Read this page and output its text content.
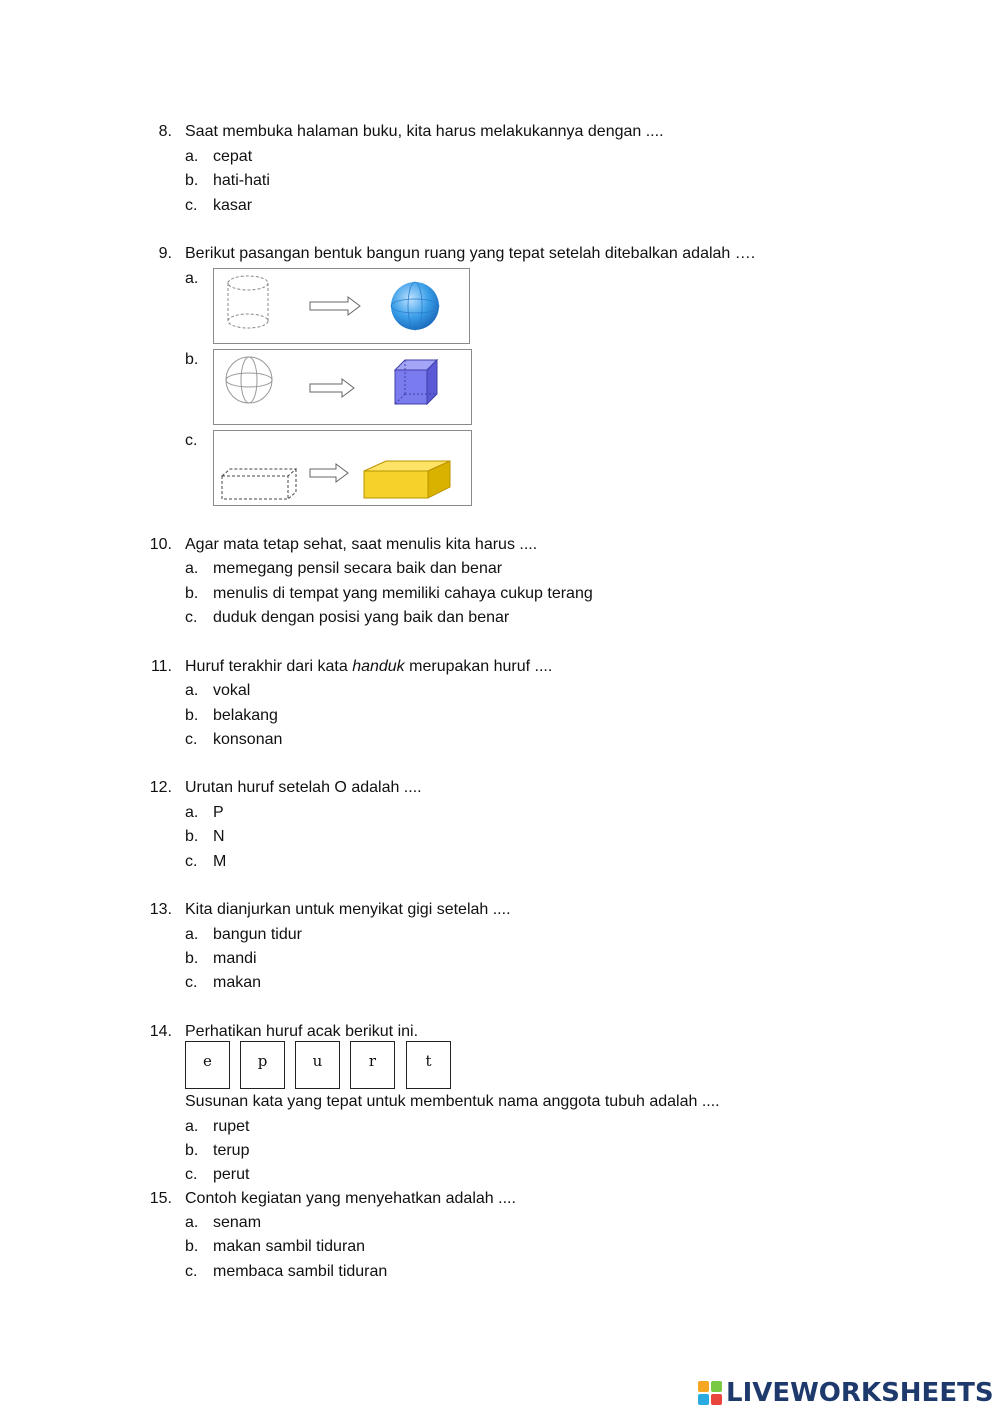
8. Saat membuka halaman buku, kita harus melakukannya dengan ....
a. cepat
b. hati-hati
c. kasar
9. Berikut pasangan bentuk bangun ruang yang tepat setelah ditebalkan adalah ….
a.
b.
c.
10. Agar mata tetap sehat, saat menulis kita harus ....
a. memegang pensil secara baik dan benar
b. menulis di tempat yang memiliki cahaya cukup terang
c. duduk dengan posisi yang baik dan benar
11. Huruf terakhir dari kata handuk merupakan huruf ....
a. vokal
b. belakang
c. konsonan
12. Urutan huruf setelah O adalah ....
a. P
b. N
c. M
13. Kita dianjurkan untuk menyikat gigi setelah ....
a. bangun tidur
b. mandi
c. makan
14. Perhatikan huruf acak berikut ini.
e	p	u	r	t
Susunan kata yang tepat untuk membentuk nama anggota tubuh adalah ....
a. rupet
b. terup
c. perut
15. Contoh kegiatan yang menyehatkan adalah ....
a. senam
b. makan sambil tiduran
c. membaca sambil tiduran
LIVEWORKSHEETS
